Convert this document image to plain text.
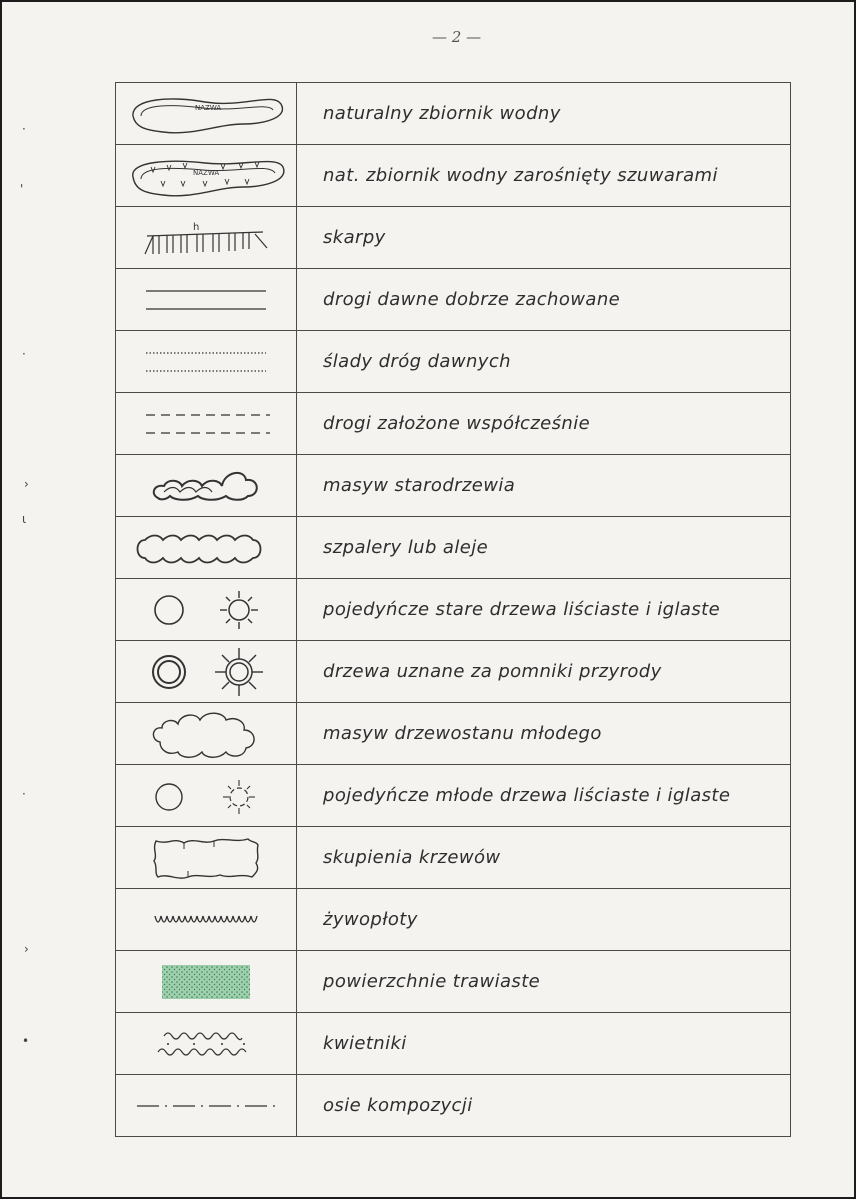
— 2 —
·
'
·
›
ι
·
›
•
NAZWA	naturalny zbiornik wodny

NAZWA	nat. zbiornik wodny zarośnięty szuwarami

h	skarpy

	drogi dawne dobrze zachowane

	ślady dróg dawnych

	drogi założone współcześnie

	masyw starodrzewia

	szpalery lub aleje

	pojedyńcze stare drzewa liściaste i iglaste

	drzewa uznane za pomniki przyrody

	masyw drzewostanu młodego

	pojedyńcze młode drzewa liściaste i iglaste

	skupienia krzewów

	żywopłoty

	powierzchnie trawiaste

	kwietniki

	osie kompozycji
